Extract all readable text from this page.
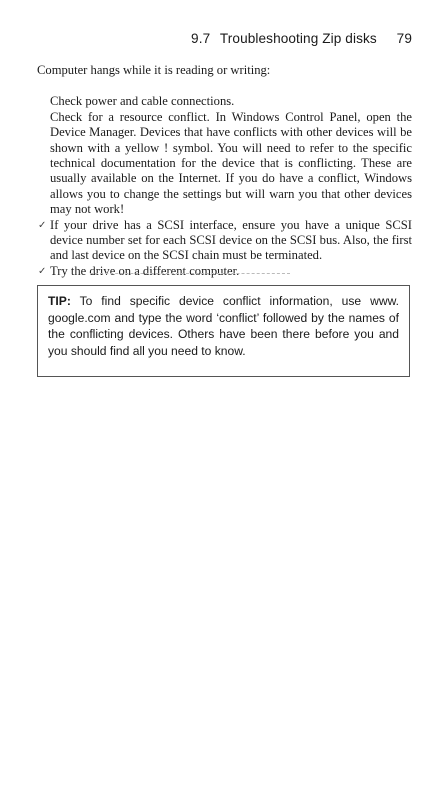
9.7 Troubleshooting Zip disks 79

Computer hangs while it is reading or writing:

Check power and cable connections.
Check for a resource conflict. In Windows Control Panel, open the Device Manager. Devices that have conflicts with other devices will be shown with a yellow ! symbol. You will need to refer to the specific technical documentation for the device that is conflicting. These are usually available on the Internet. If you do have a conflict, Windows allows you to change the settings but will warn you that other devices may not work!
✓ If your drive has a SCSI interface, ensure you have a unique SCSI device number set for each SCSI device on the SCSI bus. Also, the first and last device on the SCSI chain must be terminated.
✓ Try the drive on a different computer.
TIP: To find specific device conflict information, use www. google.com and type the word ‘conflict’ followed by the names of the conflicting devices. Others have been there before you and you should find all you need to know.
